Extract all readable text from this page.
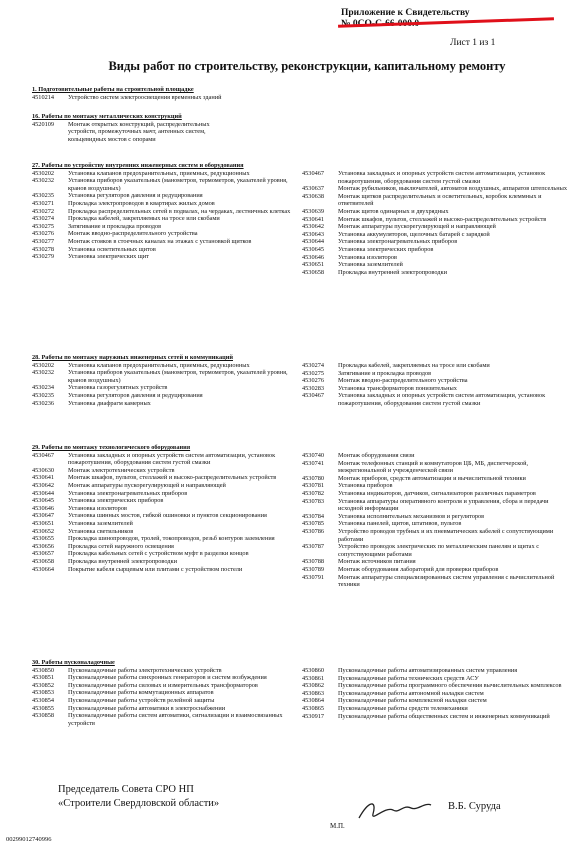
Приложение к Свидетельству
Лист 1 из 1
Виды работ по строительству, реконструкции, капитальному ремонту
1. Подготовительные работы на строительной площадке
4510214	Устройство систем электроосвещения временных зданий
16. Работы по монтажу металлических конструкций
4520109	Монтаж открытых конструкций, распределительных устройств, промежуточных мачт, антенных систем, кольцевидных мостов с опорами
27. Работы по устройству внутренних инженерных систем и оборудования
4530202	Установка клапанов предохранительных, приемных, редукционных
4530232	Установка приборов указательных (манометров, термометров, указателей уровня, кранов воздушных)
4530235	Установка регуляторов давления и редуцирования
4530271	Прокладка электропроводов в квартирах жилых домов
4530272	Прокладка распределительных сетей в подвалах, на чердаках, лестничных клетках
4530274	Прокладка кабелей, закрепляемых на тросе или скобами
4530275	Затягивание и прокладка проводов
4530276	Монтаж вводно-распределительного устройства
4530277	Монтаж стояков в стоечных каналах на этажах с установкой щитков
4530278	Установка осветительных щитов
4530279	Установка электрических щит
4530467	Установка закладных и опорных устройств систем автоматизации, установок пожаротушения, оборудования систем густой смазки
4530637	Монтаж рубильников, выключателей, автоматов воздушных, аппаратов штепсельных
4530638	Монтаж щитков распределительных и осветительных, коробок клеммных и ответвителей
4530639	Монтаж щитов одинарных и двухрядных
4530641	Монтаж шкафов, пультов, стеллажей и высоко-распределительных устройств
4530642	Монтаж аппаратуры пускорегулирующей и направляющей
4530643	Установка аккумуляторов, щелочных батарей с зарядкой
4530644	Установка электронагревательных приборов
4530645	Установка электрических приборов
4530646	Установка изоляторов
4530651	Установка заземлителей
4530658	Прокладка внутренней электропроводки
28. Работы по монтажу наружных инженерных сетей и коммуникаций
4530202	Установка клапанов предохранительных, приемных, редукционных
4530232	Установка приборов указательных (манометров, термометров, указателей уровня, кранов воздушных)
4530234	Установка газорегулятных устройств
4530235	Установка регуляторов давления и редуцирования
4530236	Установка диафрагм камерных
4530274	Прокладка кабелей, закрепляемых на тросе или скобами
4530275	Затягивание и прокладка проводов
4530276	Монтаж вводно-распределительного устройства
4530283	Установка трансформаторов понизительных
4530467	Установка закладных и опорных устройств систем автоматизации, установок пожаротушения, оборудования систем густой смазки
29. Работы по монтажу технологического оборудования
4530467	Установка закладных и опорных устройств систем автоматизации, установок пожаротушения, оборудования систем густой смазки
4530630	Монтаж электротехнических устройств
4530641	Монтаж шкафов, пультов, стеллажей и высоко-распределительных устройств
4530642	Монтаж аппаратуры пускорегулирующей и направляющей
4530644	Установка электронагревательных приборов
4530645	Установка электрических приборов
4530646	Установка изоляторов
4530647	Установка шинных мостов, гибкой ошиновки и пунктов секционирования
4530651	Установка заземлителей
4530652	Установка светильников
4530655	Прокладка шинопроводов, тролей, токопроводов, резьб контуров заземления
4530656	Прокладка сетей наружного освещения
4530657	Прокладка кабельных сетей с устройством муфт в разделки концов
4530658	Прокладка внутренней электропроводки
4530664	Покрытие кабеля сырцевым или плитами с устройством постели
4530740	Монтаж оборудования связи
4530741	Монтаж телефонных станций и коммутаторов ЦБ, МБ, диспетчерской, межрегиональной и учрежденческой связи
4530780	Монтаж приборов, средств автоматизации и вычислительной техники
4530781	Установка приборов
4530782	Установка индикаторов, датчиков, сигнализаторов различных параметров
4530783	Установка аппаратуры оперативного контроля и управления, сбора и передачи исходной информации
4530784	Установка исполнительных механизмов и регуляторов
4530785	Установка панелей, щитов, штативов, пультов
4530786	Устройство проводов трубных и их пневматических кабелей с сопутствующими работами
4530787	Устройство проводок электрических по металлическим панелям и щитах с сопутствующими работами
4530788	Монтаж источников питания
4530789	Монтаж оборудования лабораторий для проверки приборов
4530791	Монтаж аппаратуры специализированных систем управления с вычислительной техники
30. Работы пусконаладочные
4530850	Пусконаладочные работы электротехнических устройств
4530851	Пусконаладочные работы синхронных генераторов и систем возбуждения
4530852	Пусконаладочные работы силовых и измерительных трансформаторов
4530853	Пусконаладочные работы коммутационных аппаратов
4530854	Пусконаладочные работы устройств релейной защиты
4530855	Пусконаладочные работы автоматики в электроснабжении
4530858	Пусконаладочные работы систем автоматики, сигнализации и взаимосвязанных устройств
4530860	Пусконаладочные работы автоматизированных систем управления
4530861	Пусконаладочные работы технических средств АСУ
4530862	Пусконаладочные работы программного обеспечения вычислительных комплексов
4530863	Пусконаладочные работы автономной наладки систем
4530864	Пусконаладочные работы комплексной наладки систем
4530865	Пусконаладочные работы средств телемеханики
4530917	Пусконаладочные работы общественных систем и инженерных коммуникаций
Председатель Совета СРО НП
«Строители Свердловской области»	В.Б. Суруда
М.П.
00299012740996
